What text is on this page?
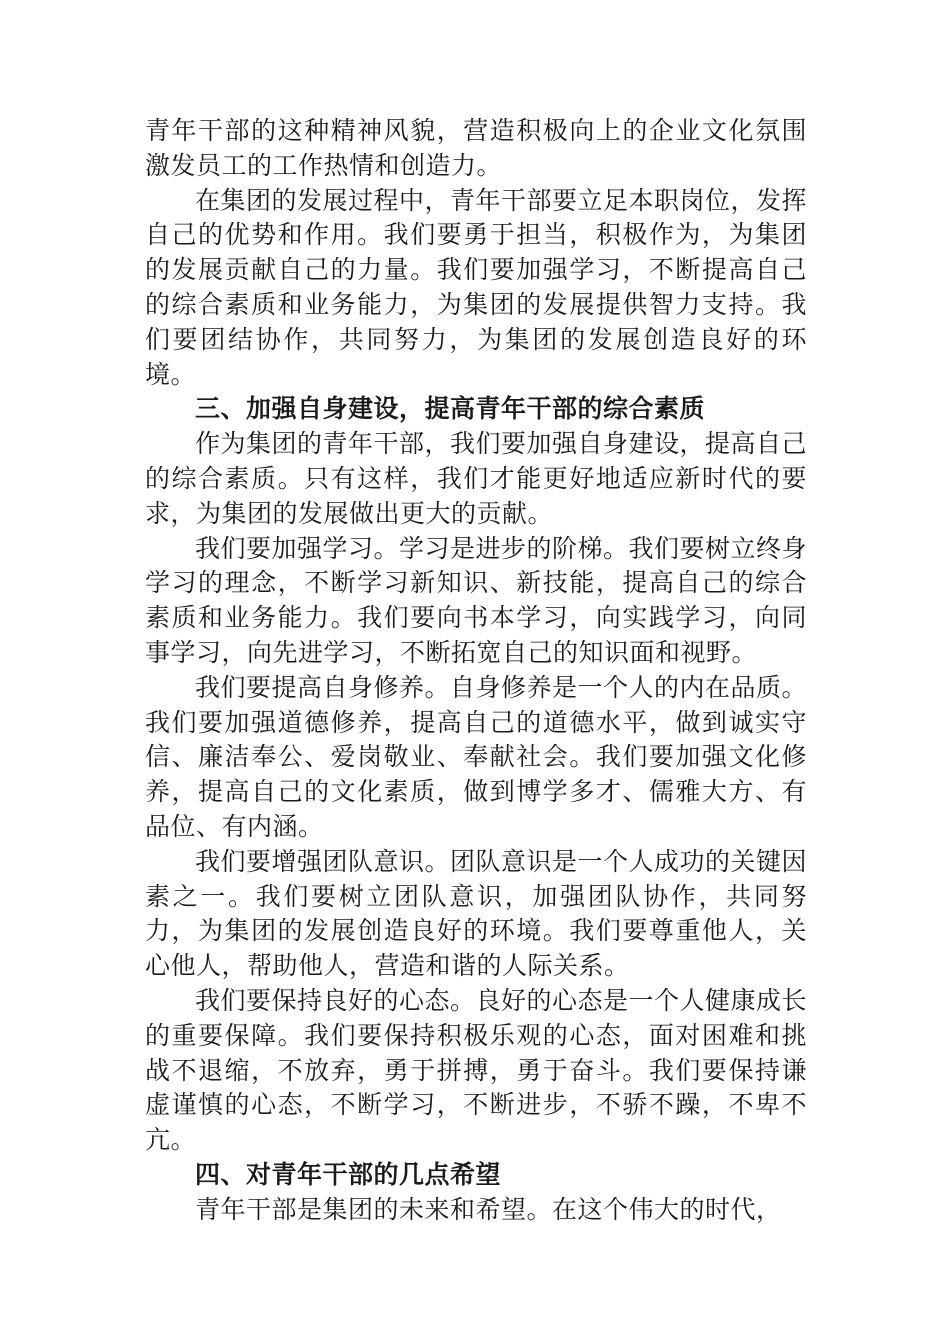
青年干部的这种精神风貌，营造积极向上的企业文化氛围激发员工的工作热情和创造力。

在集团的发展过程中，青年干部要立足本职岗位，发挥自己的优势和作用。我们要勇于担当，积极作为，为集团的发展贡献自己的力量。我们要加强学习，不断提高自己的综合素质和业务能力，为集团的发展提供智力支持。我们要团结协作，共同努力，为集团的发展创造良好的环境。

三、加强自身建设，提高青年干部的综合素质

作为集团的青年干部，我们要加强自身建设，提高自己的综合素质。只有这样，我们才能更好地适应新时代的要求，为集团的发展做出更大的贡献。

我们要加强学习。学习是进步的阶梯。我们要树立终身学习的理念，不断学习新知识、新技能，提高自己的综合素质和业务能力。我们要向书本学习，向实践学习，向同事学习，向先进学习，不断拓宽自己的知识面和视野。

我们要提高自身修养。自身修养是一个人的内在品质。我们要加强道德修养，提高自己的道德水平，做到诚实守信、廉洁奉公、爱岗敬业、奉献社会。我们要加强文化修养，提高自己的文化素质，做到博学多才、儒雅大方、有品位、有内涵。

我们要增强团队意识。团队意识是一个人成功的关键因素之一。我们要树立团队意识，加强团队协作，共同努力，为集团的发展创造良好的环境。我们要尊重他人，关心他人，帮助他人，营造和谐的人际关系。

我们要保持良好的心态。良好的心态是一个人健康成长的重要保障。我们要保持积极乐观的心态，面对困难和挑战不退缩，不放弃，勇于拼搏，勇于奋斗。我们要保持谦虚谨慎的心态，不断学习，不断进步，不骄不躁，不卑不亢。

四、对青年干部的几点希望

青年干部是集团的未来和希望。在这个伟大的时代，
